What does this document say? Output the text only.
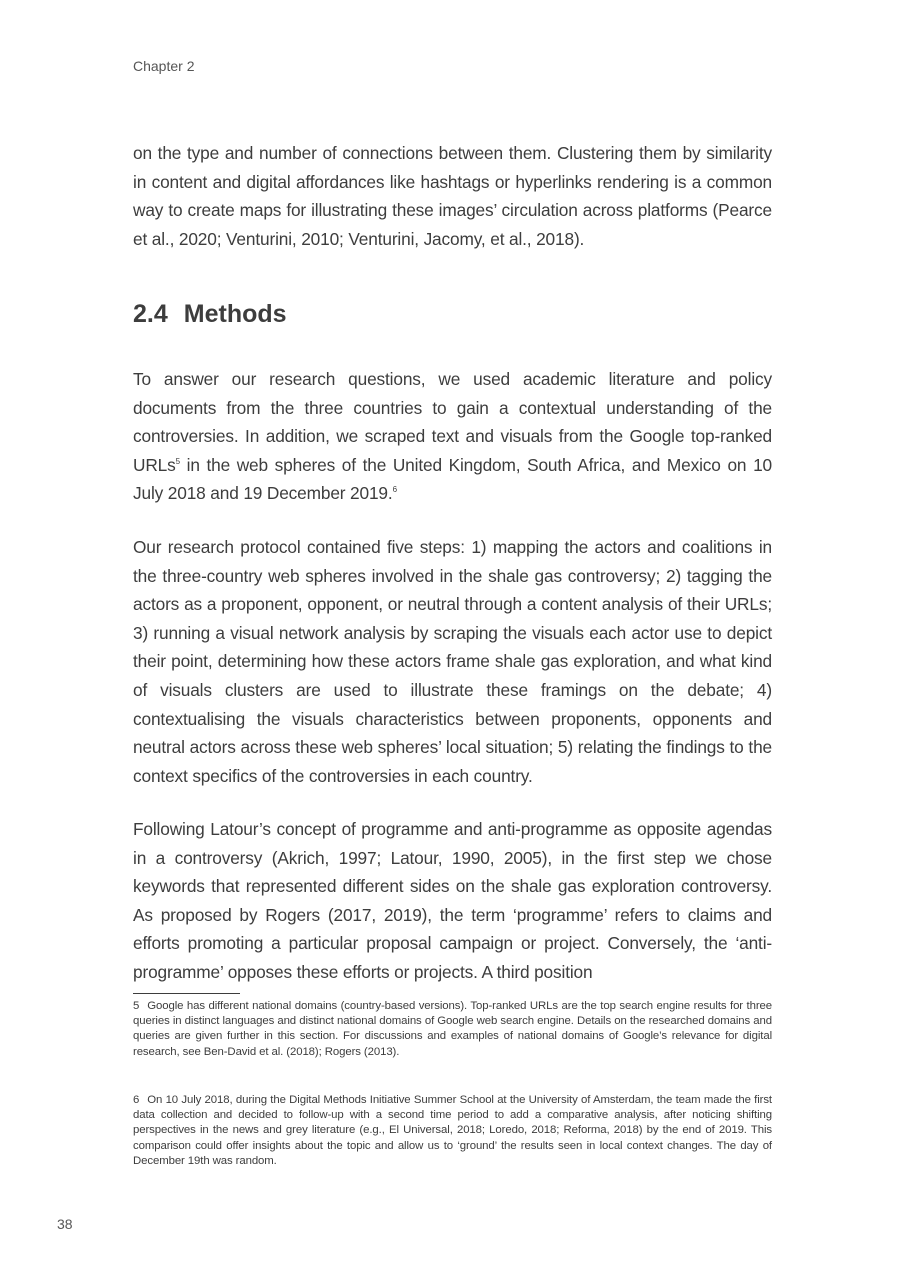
Chapter 2

on the type and number of connections between them. Clustering them by similarity in content and digital affordances like hashtags or hyperlinks rendering is a common way to create maps for illustrating these images’ circulation across platforms (Pearce et al., 2020; Venturini, 2010; Venturini, Jacomy, et al., 2018).

2.4 Methods

To answer our research questions, we used academic literature and policy documents from the three countries to gain a contextual understanding of the controversies. In addition, we scraped text and visuals from the Google top-ranked URLs$^5$ in the web spheres of the United Kingdom, South Africa, and Mexico on 10 July 2018 and 19 December 2019.$^6$

Our research protocol contained five steps: 1) mapping the actors and coalitions in the three-country web spheres involved in the shale gas controversy; 2) tagging the actors as a proponent, opponent, or neutral through a content analysis of their URLs; 3) running a visual network analysis by scraping the visuals each actor use to depict their point, determining how these actors frame shale gas exploration, and what kind of visuals clusters are used to illustrate these framings on the debate; 4) contextualising the visuals characteristics between proponents, opponents and neutral actors across these web spheres’ local situation; 5) relating the findings to the context specifics of the controversies in each country.

Following Latour’s concept of programme and anti-programme as opposite agendas in a controversy (Akrich, 1997; Latour, 1990, 2005), in the first step we chose keywords that represented different sides on the shale gas exploration controversy. As proposed by Rogers (2017, 2019), the term ‘programme’ refers to claims and efforts promoting a particular proposal campaign or project. Conversely, the ‘anti-programme’ opposes these efforts or projects. A third position

5 Google has different national domains (country-based versions). Top-ranked URLs are the top search engine results for three queries in distinct languages and distinct national domains of Google web search engine. Details on the researched domains and queries are given further in this section. For discussions and examples of national domains of Google’s relevance for digital research, see Ben-David et al. (2018); Rogers (2013).

6 On 10 July 2018, during the Digital Methods Initiative Summer School at the University of Amsterdam, the team made the first data collection and decided to follow-up with a second time period to add a comparative analysis, after noticing shifting perspectives in the news and grey literature (e.g., El Universal, 2018; Loredo, 2018; Reforma, 2018) by the end of 2019. This comparison could offer insights about the topic and allow us to ‘ground’ the results seen in local context changes. The day of December 19th was random.

38
